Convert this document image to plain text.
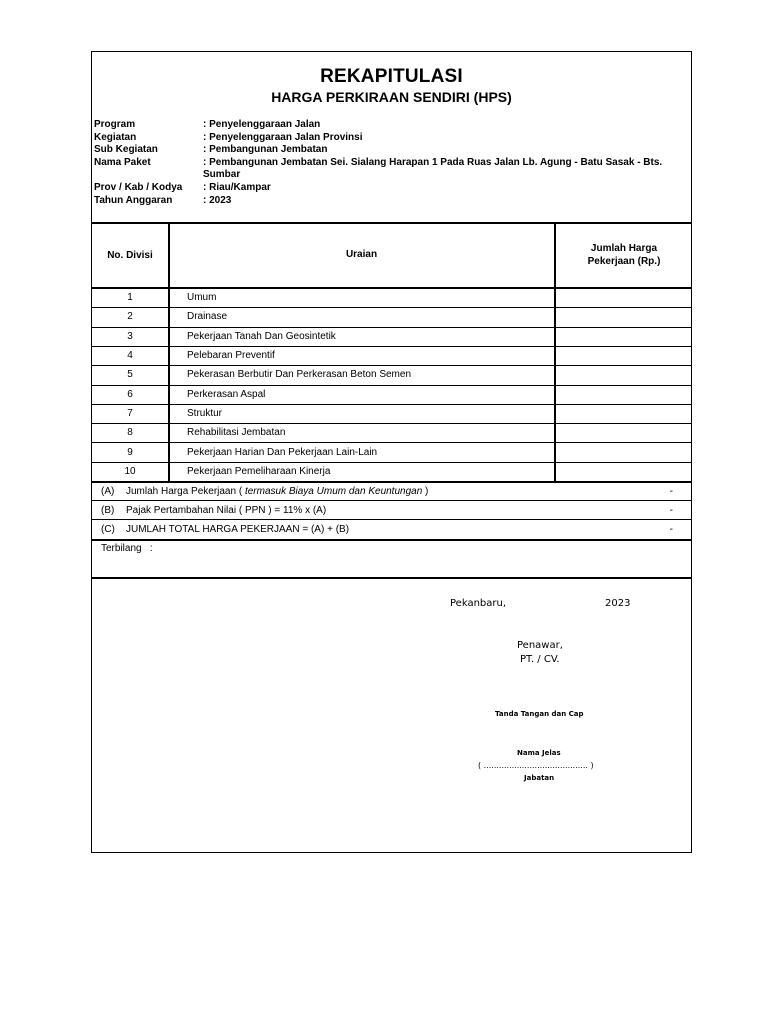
REKAPITULASI
HARGA PERKIRAAN SENDIRI (HPS)
Program	: Penyelenggaraan Jalan
Kegiatan	: Penyelenggaraan Jalan Provinsi
Sub Kegiatan	: Pembangunan Jembatan
Nama Paket	: Pembangunan Jembatan Sei. Sialang Harapan 1 Pada Ruas Jalan Lb. Agung - Batu Sasak - Bts. Sumbar
Prov / Kab / Kodya : Riau/Kampar
Tahun Anggaran	: 2023
No. Divisi	Uraian	Jumlah Harga Pekerjaan (Rp.)
1	Umum
2	Drainase
3	Pekerjaan Tanah Dan Geosintetik
4	Pelebaran Preventif
5	Pekerasan Berbutir Dan Perkerasan Beton Semen
6	Perkerasan Aspal
7	Struktur
8	Rehabilitasi Jembatan
9	Pekerjaan Harian Dan Pekerjaan Lain-Lain
10	Pekerjaan Pemeliharaan Kinerja
(A) Jumlah Harga Pekerjaan ( termasuk Biaya Umum dan Keuntungan )	-
(B) Pajak Pertambahan Nilai ( PPN ) = 11% x (A)	-
(C) JUMLAH TOTAL HARGA PEKERJAAN = (A) + (B)	-
Terbilang   :
Pekanbaru,	2023
Penawar,
PT. / CV.
Tanda Tangan dan Cap
Nama Jelas
( ......................................... )
Jabatan
